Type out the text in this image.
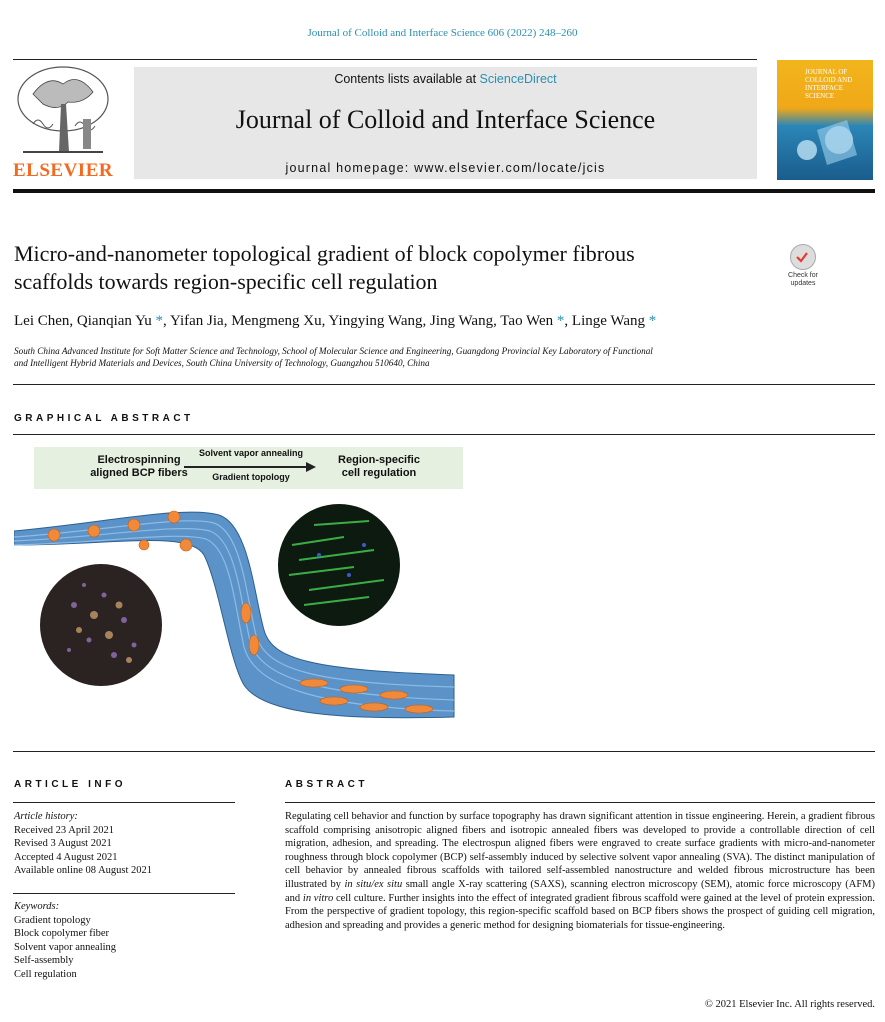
Journal of Colloid and Interface Science 606 (2022) 248–260
ELSEVIER
Contents lists available at ScienceDirect
Journal of Colloid and Interface Science
journal homepage: www.elsevier.com/locate/jcis
JOURNAL OF COLLOID AND INTERFACE SCIENCE
Micro-and-nanometer topological gradient of block copolymer fibrous
scaffolds towards region-specific cell regulation	Check for
updates
Lei Chen, Qianqian Yu *, Yifan Jia, Mengmeng Xu, Yingying Wang, Jing Wang, Tao Wen *, Linge Wang *
South China Advanced Institute for Soft Matter Science and Technology, School of Molecular Science and Engineering, Guangdong Provincial Key Laboratory of Functional
and Intelligent Hybrid Materials and Devices, South China University of Technology, Guangzhou 510640, China
GRAPHICAL ABSTRACT
Electrospinning
aligned BCP fibers
Solvent vapor annealing
Gradient topology
Region-specific
cell regulation
ARTICLE INFO
Article history:
Received 23 April 2021
Revised 3 August 2021
Accepted 4 August 2021
Available online 08 August 2021
Keywords:
Gradient topology
Block copolymer fiber
Solvent vapor annealing
Self-assembly
Cell regulation
ABSTRACT
Regulating cell behavior and function by surface topography has drawn significant attention in tissue engineering. Herein, a gradient fibrous scaffold comprising anisotropic aligned fibers and isotropic annealed fibers was developed to provide a controllable direction of cell migration, adhesion, and spreading. The electrospun aligned fibers were engraved to create surface gradients with micro-and-nanometer roughness through block copolymer (BCP) self-assembly induced by selective solvent vapor annealing (SVA). The distinct manipulation of cell behavior by annealed fibrous scaffolds with tailored self-assembled nanostructure and welded fibrous microstructure has been illustrated by in situ/ex situ small angle X-ray scattering (SAXS), scanning electron microscopy (SEM), atomic force microscopy (AFM) and in vitro cell culture. Further insights into the effect of integrated gradient fibrous scaffold were gained at the level of protein expression. From the perspective of gradient topology, this region-specific scaffold based on BCP fibers shows the prospect of guiding cell migration, adhesion and spreading and provides a generic method for designing biomaterials for tissue-engineering.
© 2021 Elsevier Inc. All rights reserved.
